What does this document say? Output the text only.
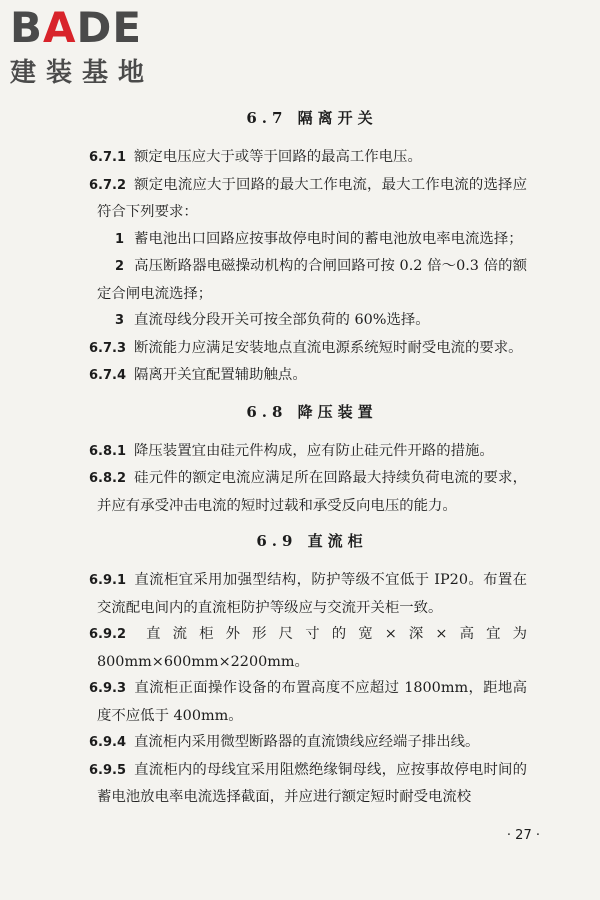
BADE
建装基地
6.7 隔离开关
6.7.1 额定电压应大于或等于回路的最高工作电压。
6.7.2 额定电流应大于回路的最大工作电流，最大工作电流的选择应符合下列要求：
1 蓄电池出口回路应按事故停电时间的蓄电池放电率电流选择；
2 高压断路器电磁操动机构的合闸回路可按 0.2 倍～0.3 倍的额定合闸电流选择；
3 直流母线分段开关可按全部负荷的 60%选择。
6.7.3 断流能力应满足安装地点直流电源系统短时耐受电流的要求。
6.7.4 隔离开关宜配置辅助触点。
6.8 降压装置
6.8.1 降压装置宜由硅元件构成，应有防止硅元件开路的措施。
6.8.2 硅元件的额定电流应满足所在回路最大持续负荷电流的要求，并应有承受冲击电流的短时过载和承受反向电压的能力。
6.9 直流柜
6.9.1 直流柜宜采用加强型结构，防护等级不宜低于 IP20。布置在交流配电间内的直流柜防护等级应与交流开关柜一致。
6.9.2 直流柜外形尺寸的宽×深×高宜为 800mm×600mm×2200mm。
6.9.3 直流柜正面操作设备的布置高度不应超过 1800mm，距地高度不应低于 400mm。
6.9.4 直流柜内采用微型断路器的直流馈线应经端子排出线。
6.9.5 直流柜内的母线宜采用阻燃绝缘铜母线，应按事故停电时间的蓄电池放电率电流选择截面，并应进行额定短时耐受电流校
· 27 ·
